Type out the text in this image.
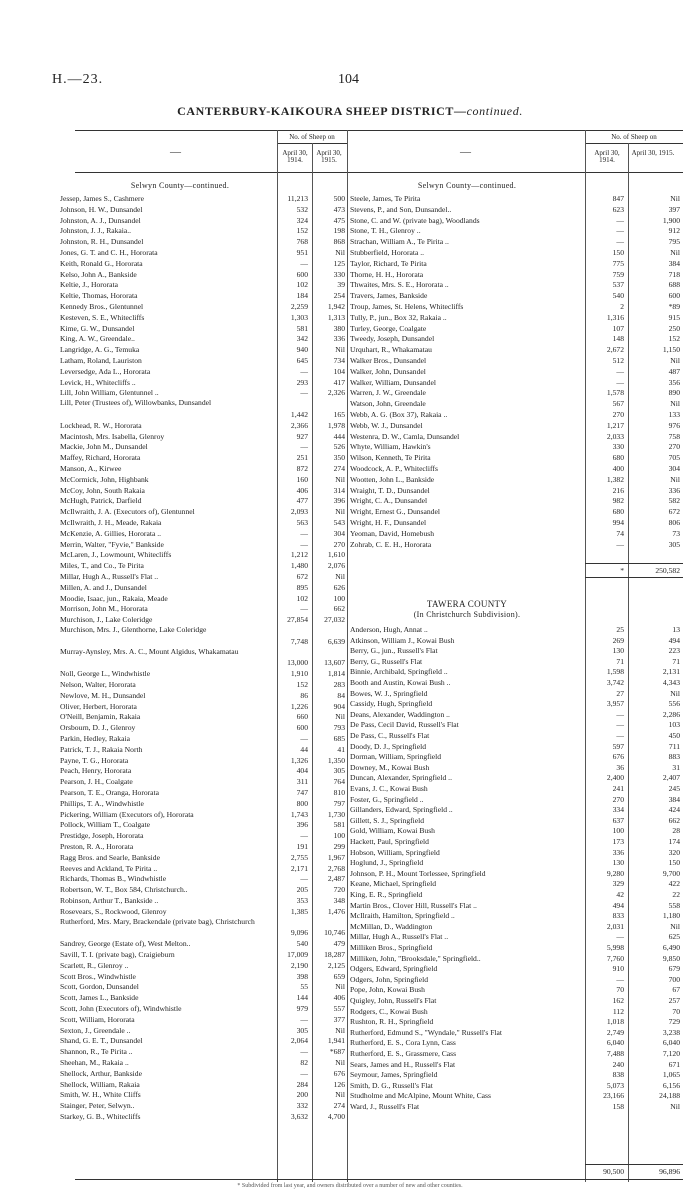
H.—23.	104
CANTERBURY-KAIKOURA SHEEP DISTRICT—continued.
—	—
No. of Sheep on
April 30, 1914.
April 30, 1915.
No. of Sheep on
April 30, 1914.
April 30, 1915.
Selwyn County—continued.
Jessep, James S., Cashmere	11,213	500
Johnson, H. W., Dunsandel	532	473
Johnston, A. J., Dunsandel	324	475
Johnston, J. J., Rakaia..	152	198
Johnston, R. H., Dunsandel	768	868
Jones, G. T. and C. H., Hororata	951	Nil
Keith, Ronald G., Hororata	—	125
Kelso, John A., Bankside	600	330
Keltie, J., Hororata	102	39
Keltie, Thomas, Hororata	184	254
Kennedy Bros., Glentunnel	2,259	1,942
Kesteven, S. E., Whitecliffs	1,303	1,313
Kime, G. W., Dunsandel	581	380
King, A. W., Greendale..	342	336
Langridge, A. G., Temuka	940	Nil
Latham, Roland, Lauriston	645	734
Leversedge, Ada L., Hororata	—	104
Levick, H., Whitecliffs ..	293	417
Lill, John William, Glentunnel ..	—	2,326
Lill, Peter (Trustees of), Willowbanks, Dunsandel
1,442	165
Lockhead, R. W., Hororata	2,366	1,978
Macintosh, Mrs. Isabella, Glenroy	927	444
Mackie, John M., Dunsandel	—	526
Maffey, Richard, Hororata	251	350
Manson, A., Kirwee	872	274
McCormick, John, Highbank	160	Nil
McCoy, John, South Rakaia	406	314
McHugh, Patrick, Darfield	477	396
McIlwraith, J. A. (Executors of), Glentunnel	2,093	Nil
McIlwraith, J. H., Meade, Rakaia	563	543
McKenzie, A. Gillies, Hororata ..	—	304
Merrin, Walter, "Fyvie," Bankside	—	270
McLaren, J., Lowmount, Whitecliffs	1,212	1,610
Miles, T., and Co., Te Pirita	1,480	2,076
Millar, Hugh A., Russell's Flat ..	672	Nil
Millen, A. and J., Dunsandel	895	626
Moodie, Isaac, jun., Rakaia, Meade	102	100
Morrison, John M., Hororata	—	662
Murchison, J., Lake Coleridge	27,854	27,032
Murchison, Mrs. J., Glenthorne, Lake Coleridge
7,748	6,639
Murray-Aynsley, Mrs. A. C., Mount Algidus, Whakamatau
13,000	13,607
Noll, George L., Windwhistle	1,910	1,814
Nelson, Walter, Hororata	152	283
Newlove, M. H., Dunsandel	86	84
Oliver, Herbert, Hororata	1,226	904
O'Neill, Benjamin, Rakaia	660	Nil
Orsbourn, D. J., Glenroy	600	793
Parkin, Hedley, Rakaia	—	685
Patrick, T. J., Rakaia North	44	41
Payne, T. G., Hororata	1,326	1,350
Peach, Henry, Hororata	404	305
Pearson, J. H., Coalgate	311	764
Pearson, T. E., Oranga, Hororata	747	810
Phillips, T. A., Windwhistle	800	797
Pickering, William (Executors of), Hororata	1,743	1,730
Pollock, William T., Coalgate	396	581
Prestidge, Joseph, Hororata	—	100
Preston, R. A., Hororata	191	299
Ragg Bros. and Searle, Bankside	2,755	1,967
Reeves and Ackland, Te Pirita ..	2,171	2,768
Richards, Thomas B., Windwhistle	—	2,487
Robertson, W. T., Box 584, Christchurch..	205	720
Robinson, Arthur T., Bankside ..	353	348
Rosevears, S., Rockwood, Glenroy	1,385	1,476
Rutherford, Mrs. Mary, Brackendale (private bag), Christchurch
9,096	10,746
Sandrey, George (Estate of), West Melton..	540	479
Savill, T. I. (private bag), Craigieburn	17,009	18,287
Scarlett, R., Glenroy ..	2,190	2,125
Scott Bros., Windwhistle	398	659
Scott, Gordon, Dunsandel	55	Nil
Scott, James L., Bankside	144	406
Scott, John (Executors of), Windwhistle	979	557
Scott, William, Hororata	—	377
Sexton, J., Greendale ..	305	Nil
Shand, G. E. T., Dunsandel	2,064	1,941
Shannon, R., Te Pirita ..	—	*687
Sheehan, M., Rakaia ..	82	Nil
Shellock, Arthur, Bankside	—	676
Shellock, William, Rakaia	284	126
Smith, W. H., White Cliffs	200	Nil
Stainger, Peter, Selwyn..	332	274
Starkey, G. B., Whitecliffs	3,632	4,700
Selwyn County—continued.
Steele, James, Te Pirita	847	Nil
Stevens, P., and Son, Dunsandel..	623	397
Stone, C. and W. (private bag), Woodlands	—	1,900
Stone, T. H., Glenroy ..	—	912
Strachan, William A., Te Pirita ..	—	795
Stubberfield, Hororata ..	150	Nil
Taylor, Richard, Te Pirita	775	384
Thorne, H. H., Hororata	759	718
Thwaites, Mrs. S. E., Hororata ..	537	688
Travers, James, Bankside	540	600
Troup, James, St. Helens, Whitecliffs	2	*89
Tully, P., jun., Box 32, Rakaia ..	1,316	915
Turley, George, Coalgate	107	250
Tweedy, Joseph, Dunsandel	148	152
Urquhart, R., Whakamatau	2,672	1,150
Walker Bros., Dunsandel	512	Nil
Walker, John, Dunsandel	—	487
Walker, William, Dunsandel	—	356
Warren, J. W., Greendale	1,578	890
Watson, John, Greendale	567	Nil
Webb, A. G. (Box 37), Rakaia ..	270	133
Webb, W. J., Dunsandel	1,217	976
Westenra, D. W., Camla, Dunsandel	2,033	758
Whyte, William, Hawkin's	330	270
Wilson, Kenneth, Te Pirita	680	705
Woodcock, A. P., Whitecliffs	400	304
Wootten, John L., Bankside	1,382	Nil
Wraight, T. D., Dunsandel	216	336
Wright, C. A., Dunsandel	982	582
Wright, Ernest G., Dunsandel	680	672
Wright, H. F., Dunsandel	994	806
Yeoman, David, Homebush	74	73
Zohrab, C. E. H., Hororata	—	305
*	250,582
TAWERA COUNTY
(In Christchurch Subdivision).
Anderson, Hugh, Annat ..	25	13
Atkinson, William J., Kowai Bush	269	494
Berry, G., jun., Russell's Flat	130	223
Berry, G., Russell's Flat	71	71
Binnie, Archibald, Springfield ..	1,598	2,131
Booth and Austin, Kowai Bush ..	3,742	4,343
Bowes, W. J., Springfield	27	Nil
Cassidy, Hugh, Springfield	3,957	556
Deans, Alexander, Waddington ..	—	2,286
De Pass, Cecil David, Russell's Flat	—	103
De Pass, C., Russell's Flat	—	450
Doody, D. J., Springfield	597	711
Dorman, William, Springfield	676	883
Downey, M., Kowai Bush	36	31
Duncan, Alexander, Springfield ..	2,400	2,407
Evans, J. C., Kowai Bush	241	245
Foster, G., Springfield ..	270	384
Gillanders, Edward, Springfield ..	334	424
Gillett, S. J., Springfield	637	662
Gold, William, Kowai Bush	100	28
Hackett, Paul, Springfield	173	174
Hobson, William, Springfield	336	320
Hoglund, J., Springfield	130	150
Johnson, P. H., Mount Torlessee, Springfield	9,280	9,700
Keane, Michael, Springfield	329	422
King, E. R., Springfield	42	22
Martin Bros., Clover Hill, Russell's Flat ..	494	558
McIlraith, Hamilton, Springfield ..	833	1,180
McMillan, D., Waddington	2,031	Nil
Millar, Hugh A., Russell's Flat ..	—	625
Milliken Bros., Springfield	5,998	6,490
Milliken, John, "Brooksdale," Springfield..	7,760	9,850
Odgers, Edward, Springfield	910	679
Odgers, John, Springfield	—	700
Pope, John, Kowai Bush	70	67
Quigley, John, Russell's Flat	162	257
Rodgers, C., Kowai Bush	112	70
Rushton, R. H., Springfield	1,018	729
Rutherford, Edmund S., "Wyndale," Russell's Flat	2,749	3,238
Rutherford, E. S., Cora Lynn, Cass	6,040	6,040
Rutherford, E. S., Grassmere, Cass	7,488	7,120
Sears, James and H., Russell's Flat	240	671
Seymour, James, Springfield	838	1,065
Smith, D. G., Russell's Flat	5,073	6,156
Studholme and McAlpine, Mount White, Cass	23,166	24,188
Ward, J., Russell's Flat	158	Nil
90,500	96,896
* Subdivided from last year, and owners distributed over a number of new and other counties.
